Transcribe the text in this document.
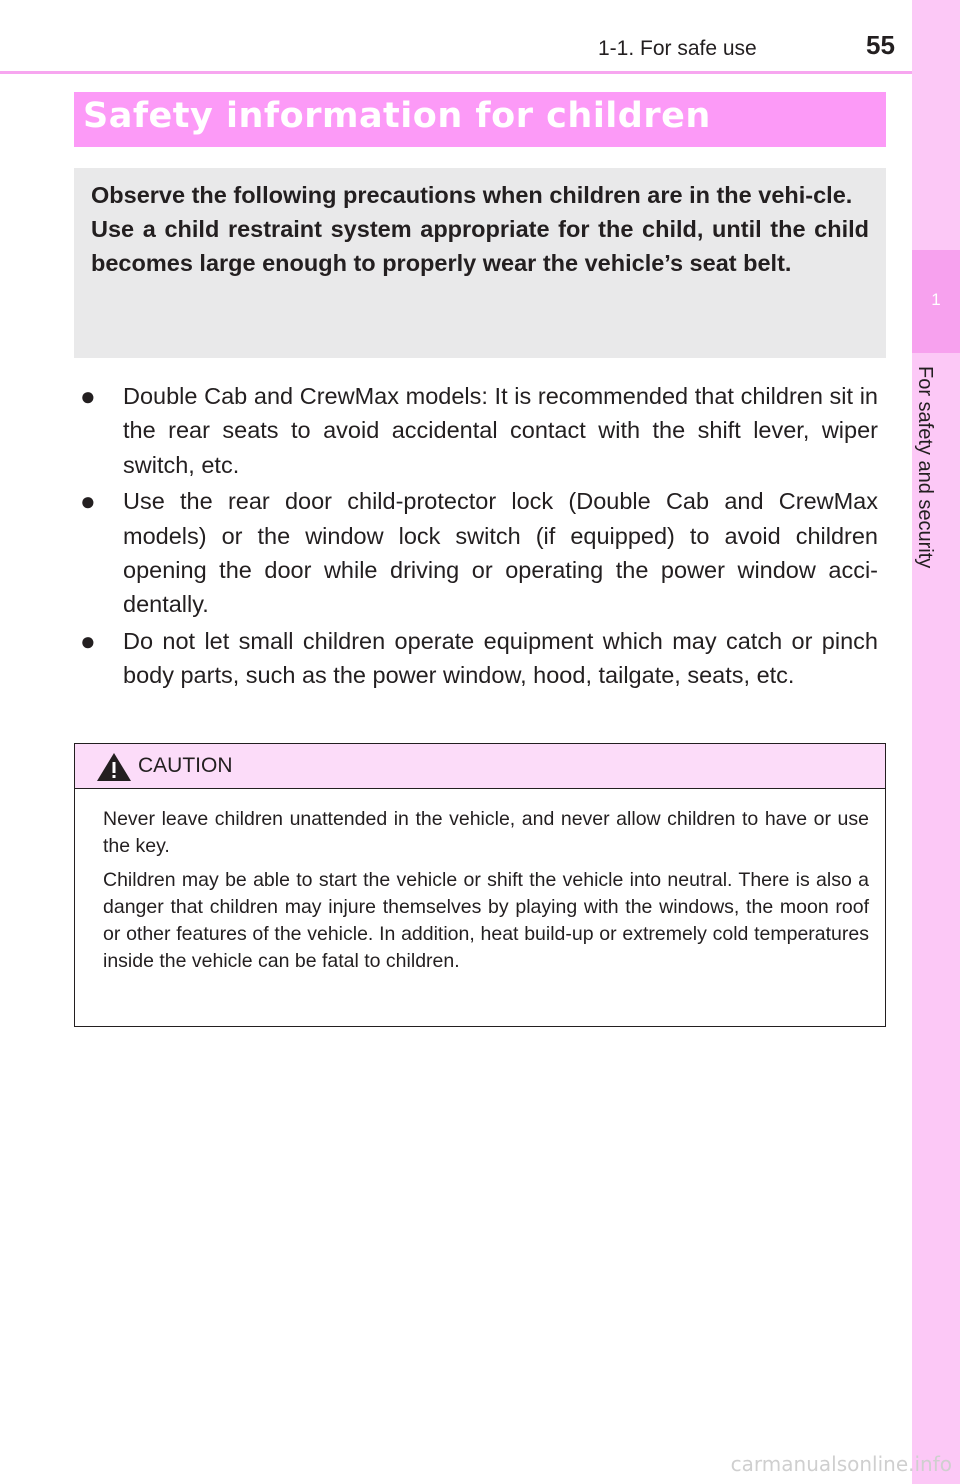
1-1. For safe use	55
1
For safety and security
Safety information for children

Observe the following precautions when children are in the vehi-cle.

Use a child restraint system appropriate for the child, until the child becomes large enough to properly wear the vehicle’s seat belt.

● Double Cab and CrewMax models: It is recommended that children sit in the rear seats to avoid accidental contact with the shift lever, wiper switch, etc.
● Use the rear door child-protector lock (Double Cab and CrewMax models) or the window lock switch (if equipped) to avoid children opening the door while driving or operating the power window acci-dentally.
● Do not let small children operate equipment which may catch or pinch body parts, such as the power window, hood, tailgate, seats, etc.
CAUTION

Never leave children unattended in the vehicle, and never allow children to have or use the key.

Children may be able to start the vehicle or shift the vehicle into neutral. There is also a danger that children may injure themselves by playing with the windows, the moon roof or other features of the vehicle. In addition, heat build-up or extremely cold temperatures inside the vehicle can be fatal to children.

carmanualsonline.info
